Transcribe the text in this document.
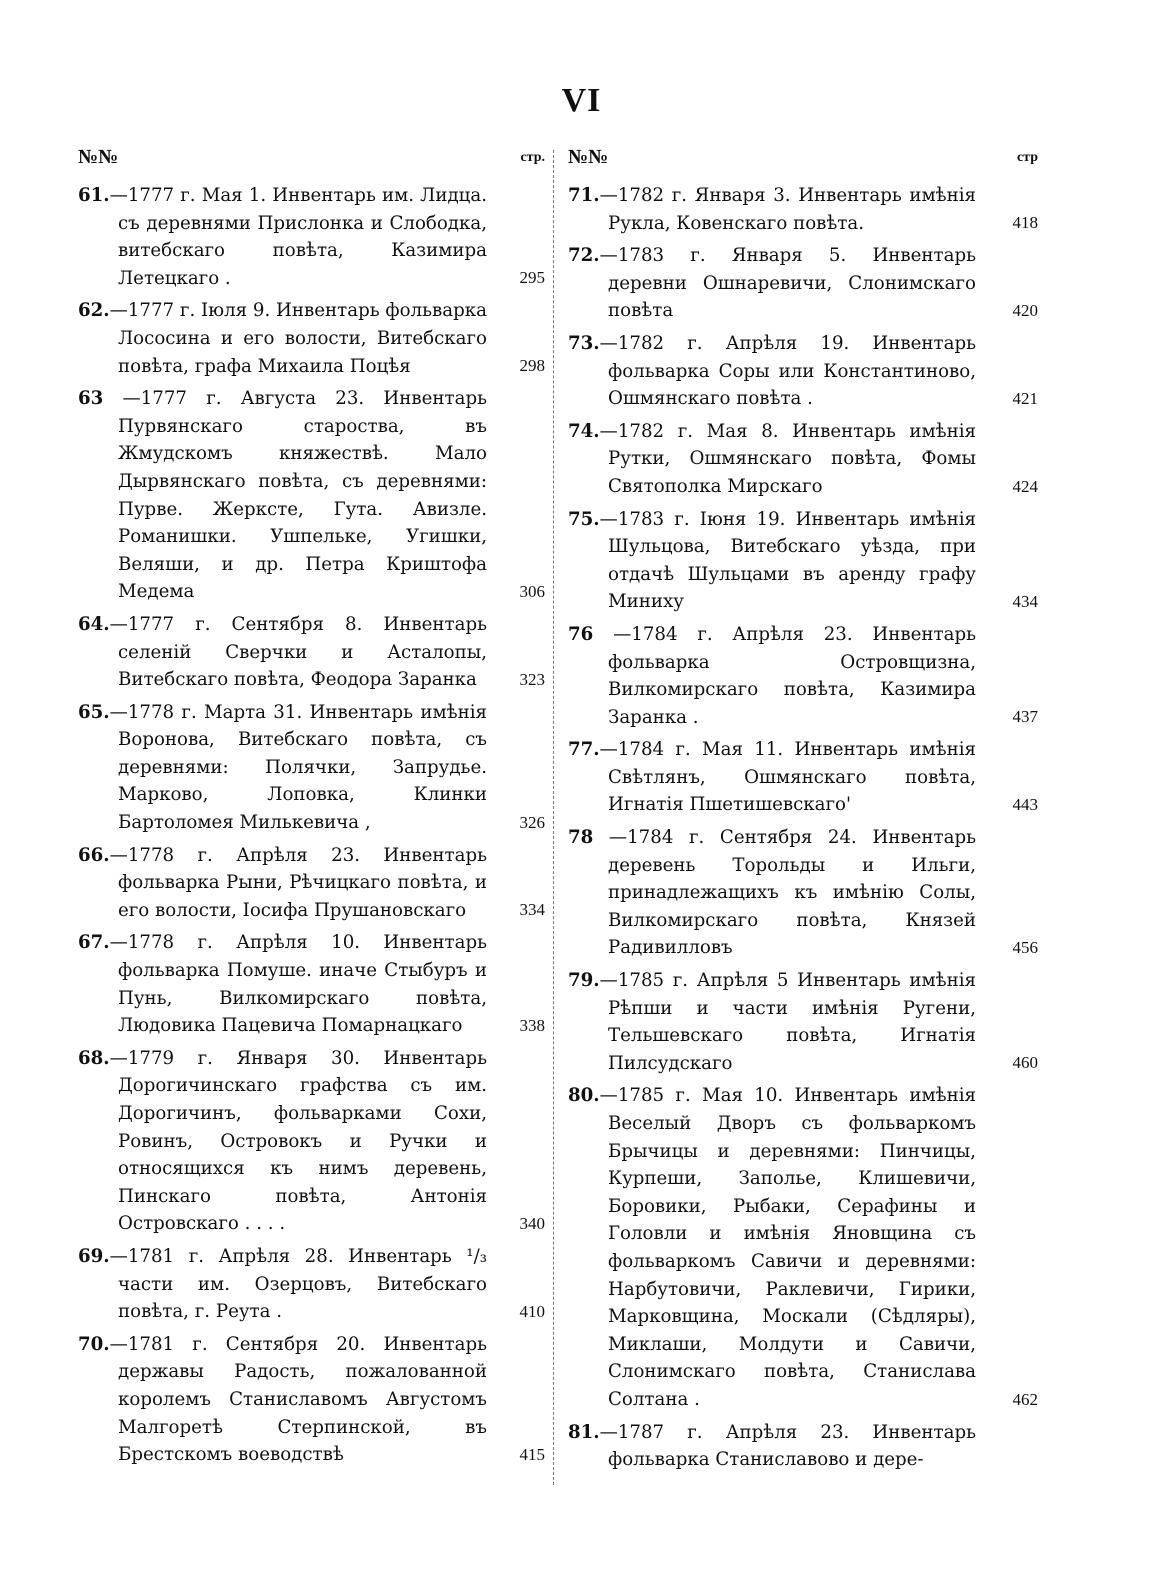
VI
№№	стр.
61.—1777 г. Мая 1. Инвентарь им. Лидца. съ деревнями Прислонка и Слободка, витебскаго повѣта, Казимира Летецкаго .	295
62.—1777 г. Іюля 9. Инвентарь фольварка Лососина и его волости, Витебскаго повѣта, графа Михаила Поцѣя	298
63 —1777 г. Августа 23. Инвентарь Пурвянскаго староства, въ Жмудскомъ княжествѣ. Мало Дырвянскаго повѣта, съ деревнями: Пурве. Жерксте, Гута. Авизле. Романишки. Ушпельке, Угишки, Веляши, и др. Петра Криштофа Медема	306
64.—1777 г. Сентября 8. Инвентарь селеній Сверчки и Асталопы, Витебскаго повѣта, Феодора Заранка	323
65.—1778 г. Марта 31. Инвентарь имѣнія Воронова, Витебскаго повѣта, съ деревнями: Полячки, Запрудье. Марково, Лоповка, Клинки Бартоломея Милькевича ,	326
66.—1778 г. Апрѣля 23. Инвентарь фольварка Рыни, Рѣчицкаго повѣта, и его волости, Іосифа Прушановскаго	334
67.—1778 г. Апрѣля 10. Инвентарь фольварка Помуше. иначе Стыбуръ и Пунь, Вилкомирскаго повѣта, Людовика Пацевича Помарнацкаго	338
68.—1779 г. Января 30. Инвентарь Дорогичинскаго графства съ им. Дорогичинъ, фольварками Сохи, Ровинъ, Островокъ и Ручки и относящихся къ нимъ деревень, Пинскаго повѣта, Антонія Островскаго . . . .	340
69.—1781 г. Апрѣля 28. Инвентарь ¹/₃ части им. Озерцовъ, Витебскаго повѣта, г. Реута .	410
70.—1781 г. Сентября 20. Инвентарь державы Радость, пожалованной королемъ Станиславомъ Августомъ Малгоретѣ Стерпинской, въ Брестскомъ воеводствѣ	415
№№	стр
71.—1782 г. Января 3. Инвентарь имѣнія Рукла, Ковенскаго повѣта.	418
72.—1783 г. Января 5. Инвентарь деревни Ошнаревичи, Слонимскаго повѣта	420
73.—1782 г. Апрѣля 19. Инвентарь фольварка Соры или Константиново, Ошмянскаго повѣта .	421
74.—1782 г. Мая 8. Инвентарь имѣнія Рутки, Ошмянскаго повѣта, Фомы Святополка Мирскаго	424
75.—1783 г. Іюня 19. Инвентарь имѣнія Шульцова, Витебскаго уѣзда, при отдачѣ Шульцами въ аренду графу Миниху	434
76 —1784 г. Апрѣля 23. Инвентарь фольварка Островщизна, Вилкомирскаго повѣта, Казимира Заранка .	437
77.—1784 г. Мая 11. Инвентарь имѣнія Свѣтлянъ, Ошмянскаго повѣта, Игнатія Пшетишевскаго'	443
78 —1784 г. Сентября 24. Инвентарь деревень Торольды и Ильги, принадлежащихъ къ имѣнію Солы, Вилкомирскаго повѣта, Князей Радивилловъ	456
79.—1785 г. Апрѣля 5 Инвентарь имѣнія Рѣпши и части имѣнія Ругени, Тельшевскаго повѣта, Игнатія Пилсудскаго	460
80.—1785 г. Мая 10. Инвентарь имѣнія Веселый Дворъ съ фольваркомъ Брычицы и деревнями: Пинчицы, Курпеши, Заполье, Клишевичи, Боровики, Рыбаки, Серафины и Головли и имѣнія Яновщина съ фольваркомъ Савичи и деревнями: Нарбутовичи, Раклевичи, Гирики, Марковщина, Москали (Сѣдляры), Миклаши, Молдути и Савичи, Слонимскаго повѣта, Станислава Солтана .	462
81.—1787 г. Апрѣля 23. Инвентарь фольварка Станиславово и дере-
